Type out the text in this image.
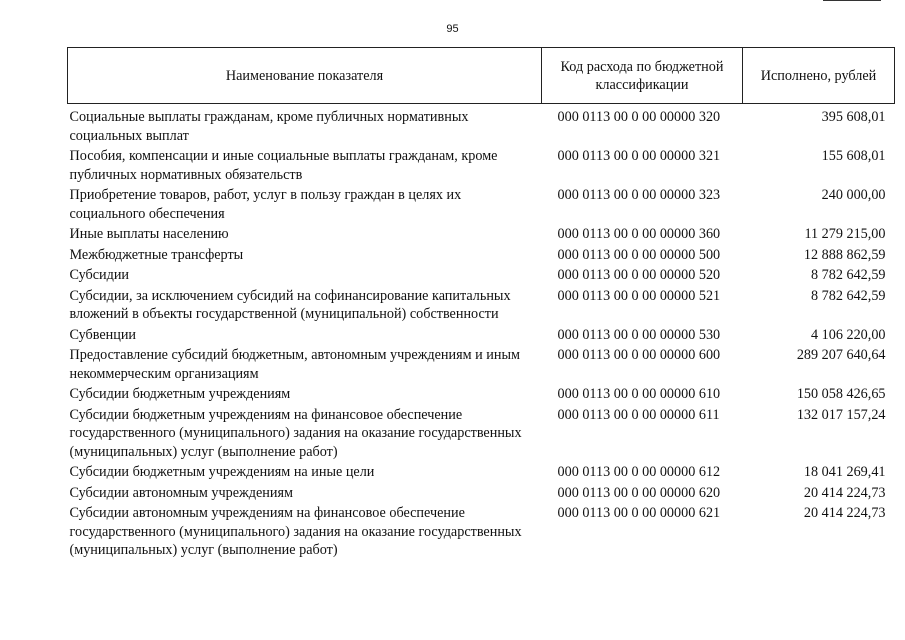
95
Наименование показателя	Код расхода по бюджетной классификации	Исполнено, рублей
Социальные выплаты гражданам, кроме публичных нормативных социальных выплат	000 0113 00 0 00 00000 320	395 608,01
Пособия, компенсации и иные социальные выплаты гражданам, кроме публичных нормативных обязательств	000 0113 00 0 00 00000 321	155 608,01
Приобретение товаров, работ, услуг в пользу граждан в целях их социального обеспечения	000 0113 00 0 00 00000 323	240 000,00
Иные выплаты населению	000 0113 00 0 00 00000 360	11 279 215,00
Межбюджетные трансферты	000 0113 00 0 00 00000 500	12 888 862,59
Субсидии	000 0113 00 0 00 00000 520	8 782 642,59
Субсидии, за исключением субсидий на софинансирование капитальных вложений в объекты государственной (муниципальной) собственности	000 0113 00 0 00 00000 521	8 782 642,59
Субвенции	000 0113 00 0 00 00000 530	4 106 220,00
Предоставление субсидий бюджетным, автономным учреждениям и иным некоммерческим организациям	000 0113 00 0 00 00000 600	289 207 640,64
Субсидии бюджетным учреждениям	000 0113 00 0 00 00000 610	150 058 426,65
Субсидии бюджетным учреждениям на финансовое обеспечение государственного (муниципального) задания на оказание государственных (муниципальных) услуг (выполнение работ)	000 0113 00 0 00 00000 611	132 017 157,24
Субсидии бюджетным учреждениям на иные цели	000 0113 00 0 00 00000 612	18 041 269,41
Субсидии автономным учреждениям	000 0113 00 0 00 00000 620	20 414 224,73
Субсидии автономным учреждениям на финансовое обеспечение государственного (муниципального) задания на оказание государственных (муниципальных) услуг (выполнение работ)	000 0113 00 0 00 00000 621	20 414 224,73
